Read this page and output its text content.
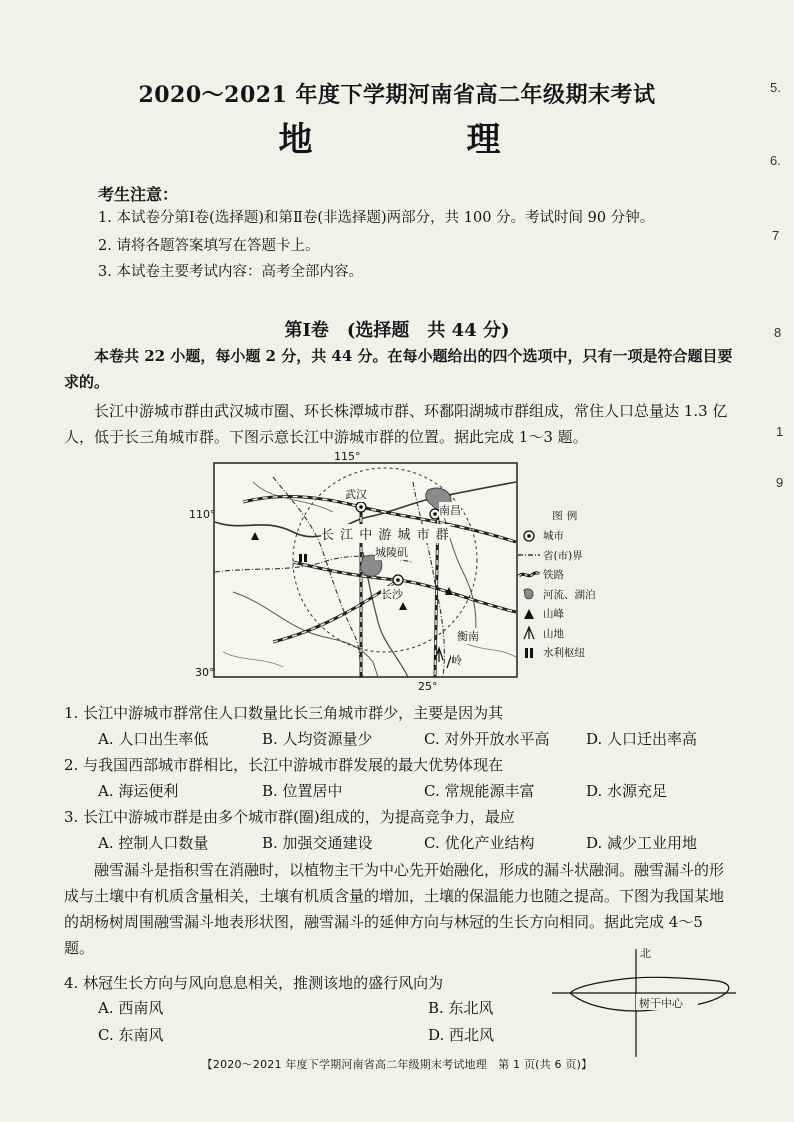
5.
6.
7
8
1
9
2020～2021 年度下学期河南省高二年级期末考试
地　理
考生注意：
1. 本试卷分第Ⅰ卷(选择题)和第Ⅱ卷(非选择题)两部分，共 100 分。考试时间 90 分钟。
2. 请将各题答案填写在答题卡上。
3. 本试卷主要考试内容：高考全部内容。
第Ⅰ卷　(选择题　共 44 分)
本卷共 22 小题，每小题 2 分，共 44 分。在每小题给出的四个选项中，只有一项是符合题目要求的。
长江中游城市群由武汉城市圈、环长株潭城市群、环鄱阳湖城市群组成，常住人口总量达 1.3 亿人，低于长三角城市群。下图示意长江中游城市群的位置。据此完成 1～3 题。
115°
110°
30°
25°
武汉
南昌
长沙
长 江 中 游 城 市 群
城陵矶
衡南
岭
图例
城市
省(市)界
铁路
河流、湖泊
山峰
山地
水利枢纽
1. 长江中游城市群常住人口数量比长三角城市群少，主要是因为其
A. 人口出生率低	B. 人均资源量少	C. 对外开放水平高 D. 人口迁出率高
2. 与我国西部城市群相比，长江中游城市群发展的最大优势体现在
A. 海运便利	B. 位置居中	C. 常规能源丰富	D. 水源充足
3. 长江中游城市群是由多个城市群(圈)组成的，为提高竞争力，最应
A. 控制人口数量	B. 加强交通建设	C. 优化产业结构	D. 减少工业用地
融雪漏斗是指积雪在消融时，以植物主干为中心先开始融化，形成的漏斗状融洞。融雪漏斗的形成与土壤中有机质含量相关，土壤有机质含量的增加，土壤的保温能力也随之提高。下图为我国某地的胡杨树周围融雪漏斗地表形状图，融雪漏斗的延伸方向与林冠的生长方向相同。据此完成 4～5 题。
4. 林冠生长方向与风向息息相关，推测该地的盛行风向为
A. 西南风	B. 东北风
C. 东南风	D. 西北风
北
树干中心
【2020～2021 年度下学期河南省高二年级期末考试地理　第 1 页(共 6 页)】
